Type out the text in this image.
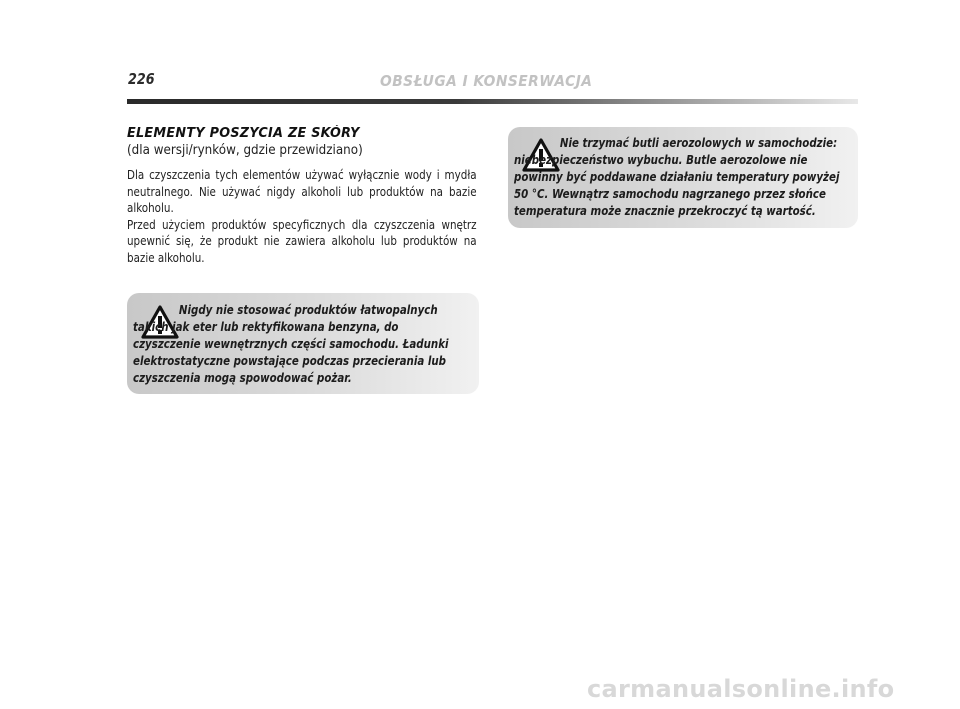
226	OBSŁUGA I KONSERWACJA
ELEMENTY POSZYCIA ZE SKÓRY
(dla wersji/rynków, gdzie przewidziano)

Dla czyszczenia tych elementów używać wyłącznie wody i mydła neutralnego. Nie używać nigdy alkoholi lub produktów na bazie alkoholu.

Przed użyciem produktów specyficznych dla czyszczenia wnętrz upewnić się, że produkt nie zawiera alkoholu lub produktów na bazie alkoholu.

Nigdy nie stosować produktów łatwopalnych takich jak eter lub rektyfikowana benzyna, do czyszczenie wewnętrznych części samochodu. Ładunki elektrostatyczne powstające podczas przecierania lub czyszczenia mogą spowodować pożar.

Nie trzymać butli aerozolowych w samochodzie: niebezpieczeństwo wybuchu. Butle aerozolowe nie powinny być poddawane działaniu temperatury powyżej 50 °C. Wewnątrz samochodu nagrzanego przez słońce temperatura może znacznie przekroczyć tą wartość.

carmanualsonline.info
